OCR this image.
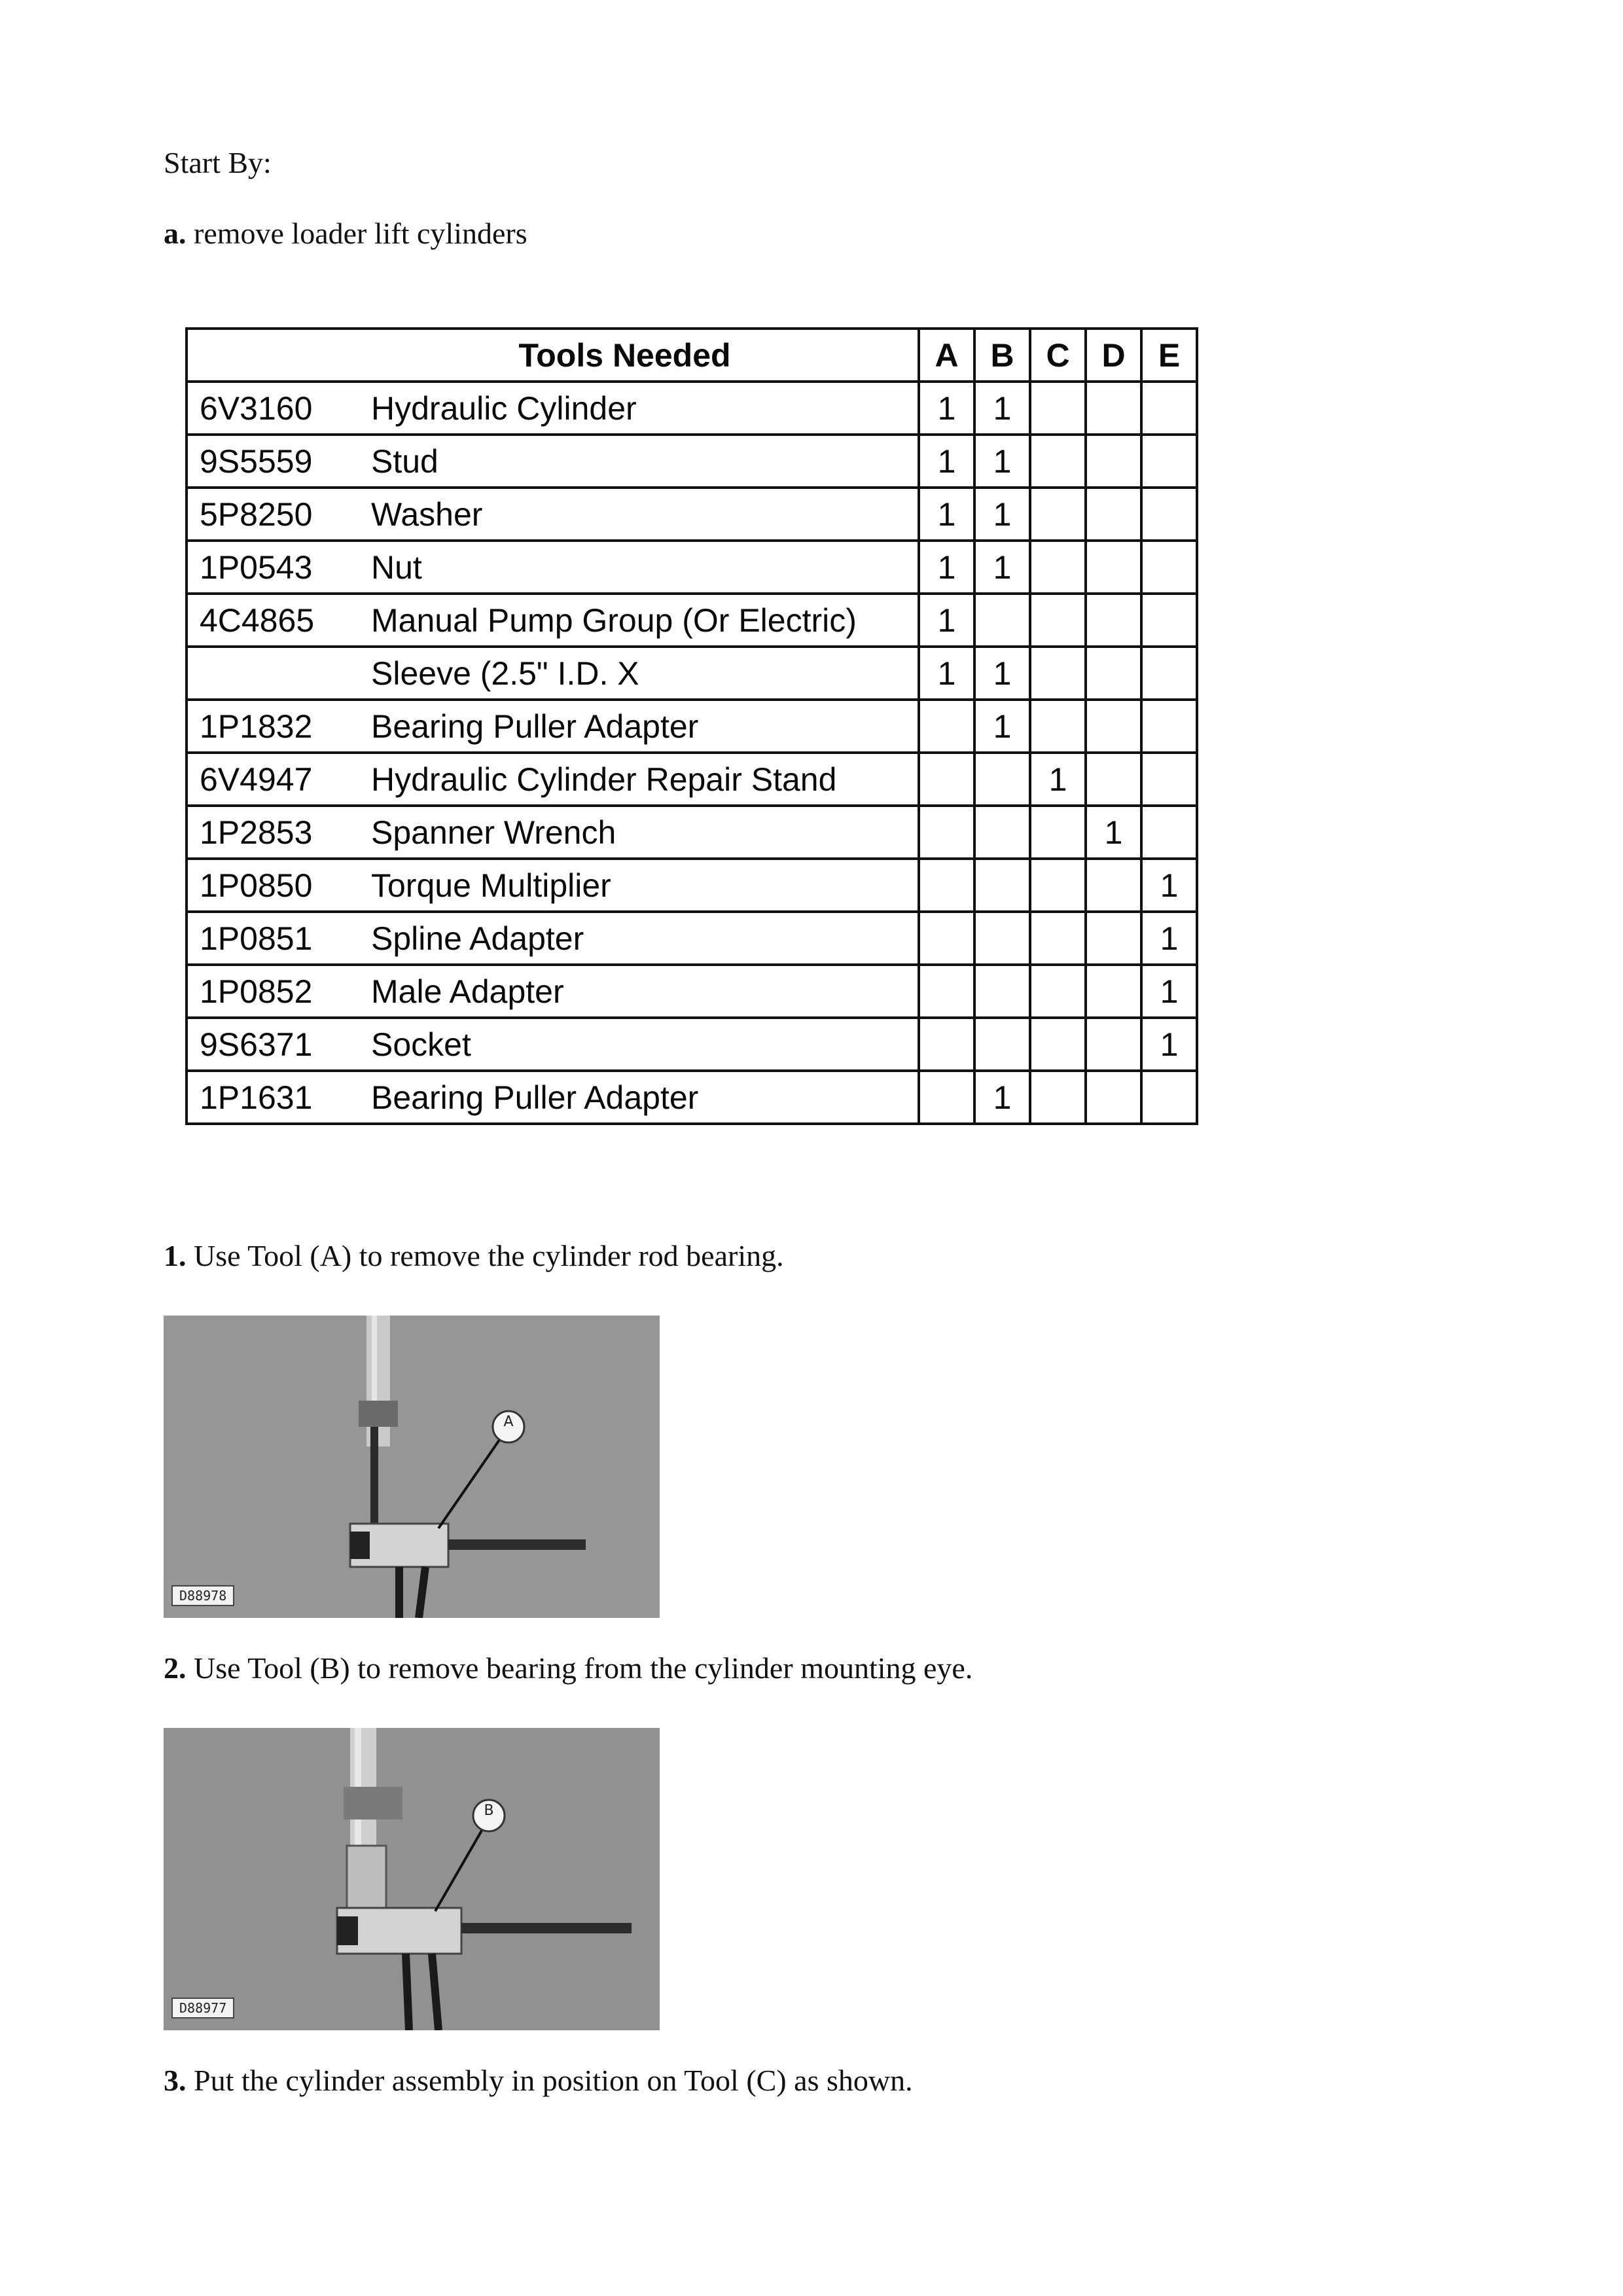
Start By:
a. remove loader lift cylinders
Tools Needed	A	B	C	D	E
6V3160 Hydraulic Cylinder	1	1			
9S5559 Stud	1	1			
5P8250 Washer	1	1			
1P0543 Nut	1	1			
4C4865 Manual Pump Group (Or Electric)	1				
Sleeve (2.5" I.D. X	1	1			
1P1832 Bearing Puller Adapter		1			
6V4947 Hydraulic Cylinder Repair Stand			1		
1P2853 Spanner Wrench				1	
1P0850 Torque Multiplier					1
1P0851 Spline Adapter					1
1P0852 Male Adapter					1
9S6371 Socket					1
1P1631 Bearing Puller Adapter		1			
1. Use Tool (A) to remove the cylinder rod bearing.
A
D88978
2. Use Tool (B) to remove bearing from the cylinder mounting eye.
B
D88977
3. Put the cylinder assembly in position on Tool (C) as shown.
